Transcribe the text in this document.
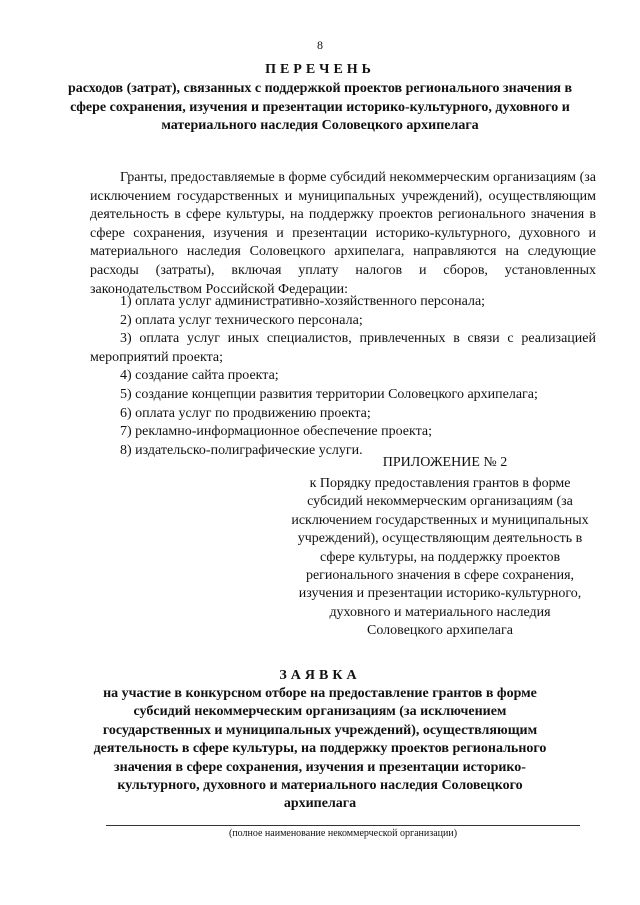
8
ПЕРЕЧЕНЬ
расходов (затрат), связанных с поддержкой проектов регионального значения в сфере сохранения, изучения и презентации историко-культурного, духовного и материального наследия Соловецкого архипелага

Гранты, предоставляемые в форме субсидий некоммерческим организациям (за исключением государственных и муниципальных учреждений), осуществляющим деятельность в сфере культуры, на поддержку проектов регионального значения в сфере сохранения, изучения и презентации историко-культурного, духовного и материального наследия Соловецкого архипелага, направляются на следующие расходы (затраты), включая уплату налогов и сборов, установленных законодательством Российской Федерации:

1) оплата услуг административно-хозяйственного персонала;
2) оплата услуг технического персонала;
3) оплата услуг иных специалистов, привлеченных в связи с реализацией мероприятий проекта;
4) создание сайта проекта;
5) создание концепции развития территории Соловецкого архипелага;
6) оплата услуг по продвижению проекта;
7) рекламно-информационное обеспечение проекта;
8) издательско-полиграфические услуги.
ПРИЛОЖЕНИЕ № 2
к Порядку предоставления грантов в форме субсидий некоммерческим организациям (за исключением государственных и муниципальных учреждений), осуществляющим деятельность в сфере культуры, на поддержку проектов регионального значения в сфере сохранения, изучения и презентации историко-культурного, духовного и материального наследия Соловецкого архипелага
ЗАЯВКА
на участие в конкурсном отборе на предоставление грантов в форме субсидий некоммерческим организациям (за исключением государственных и муниципальных учреждений), осуществляющим деятельность в сфере культуры, на поддержку проектов регионального значения в сфере сохранения, изучения и презентации историко-культурного, духовного и материального наследия Соловецкого архипелага
(полное наименование некоммерческой организации)
